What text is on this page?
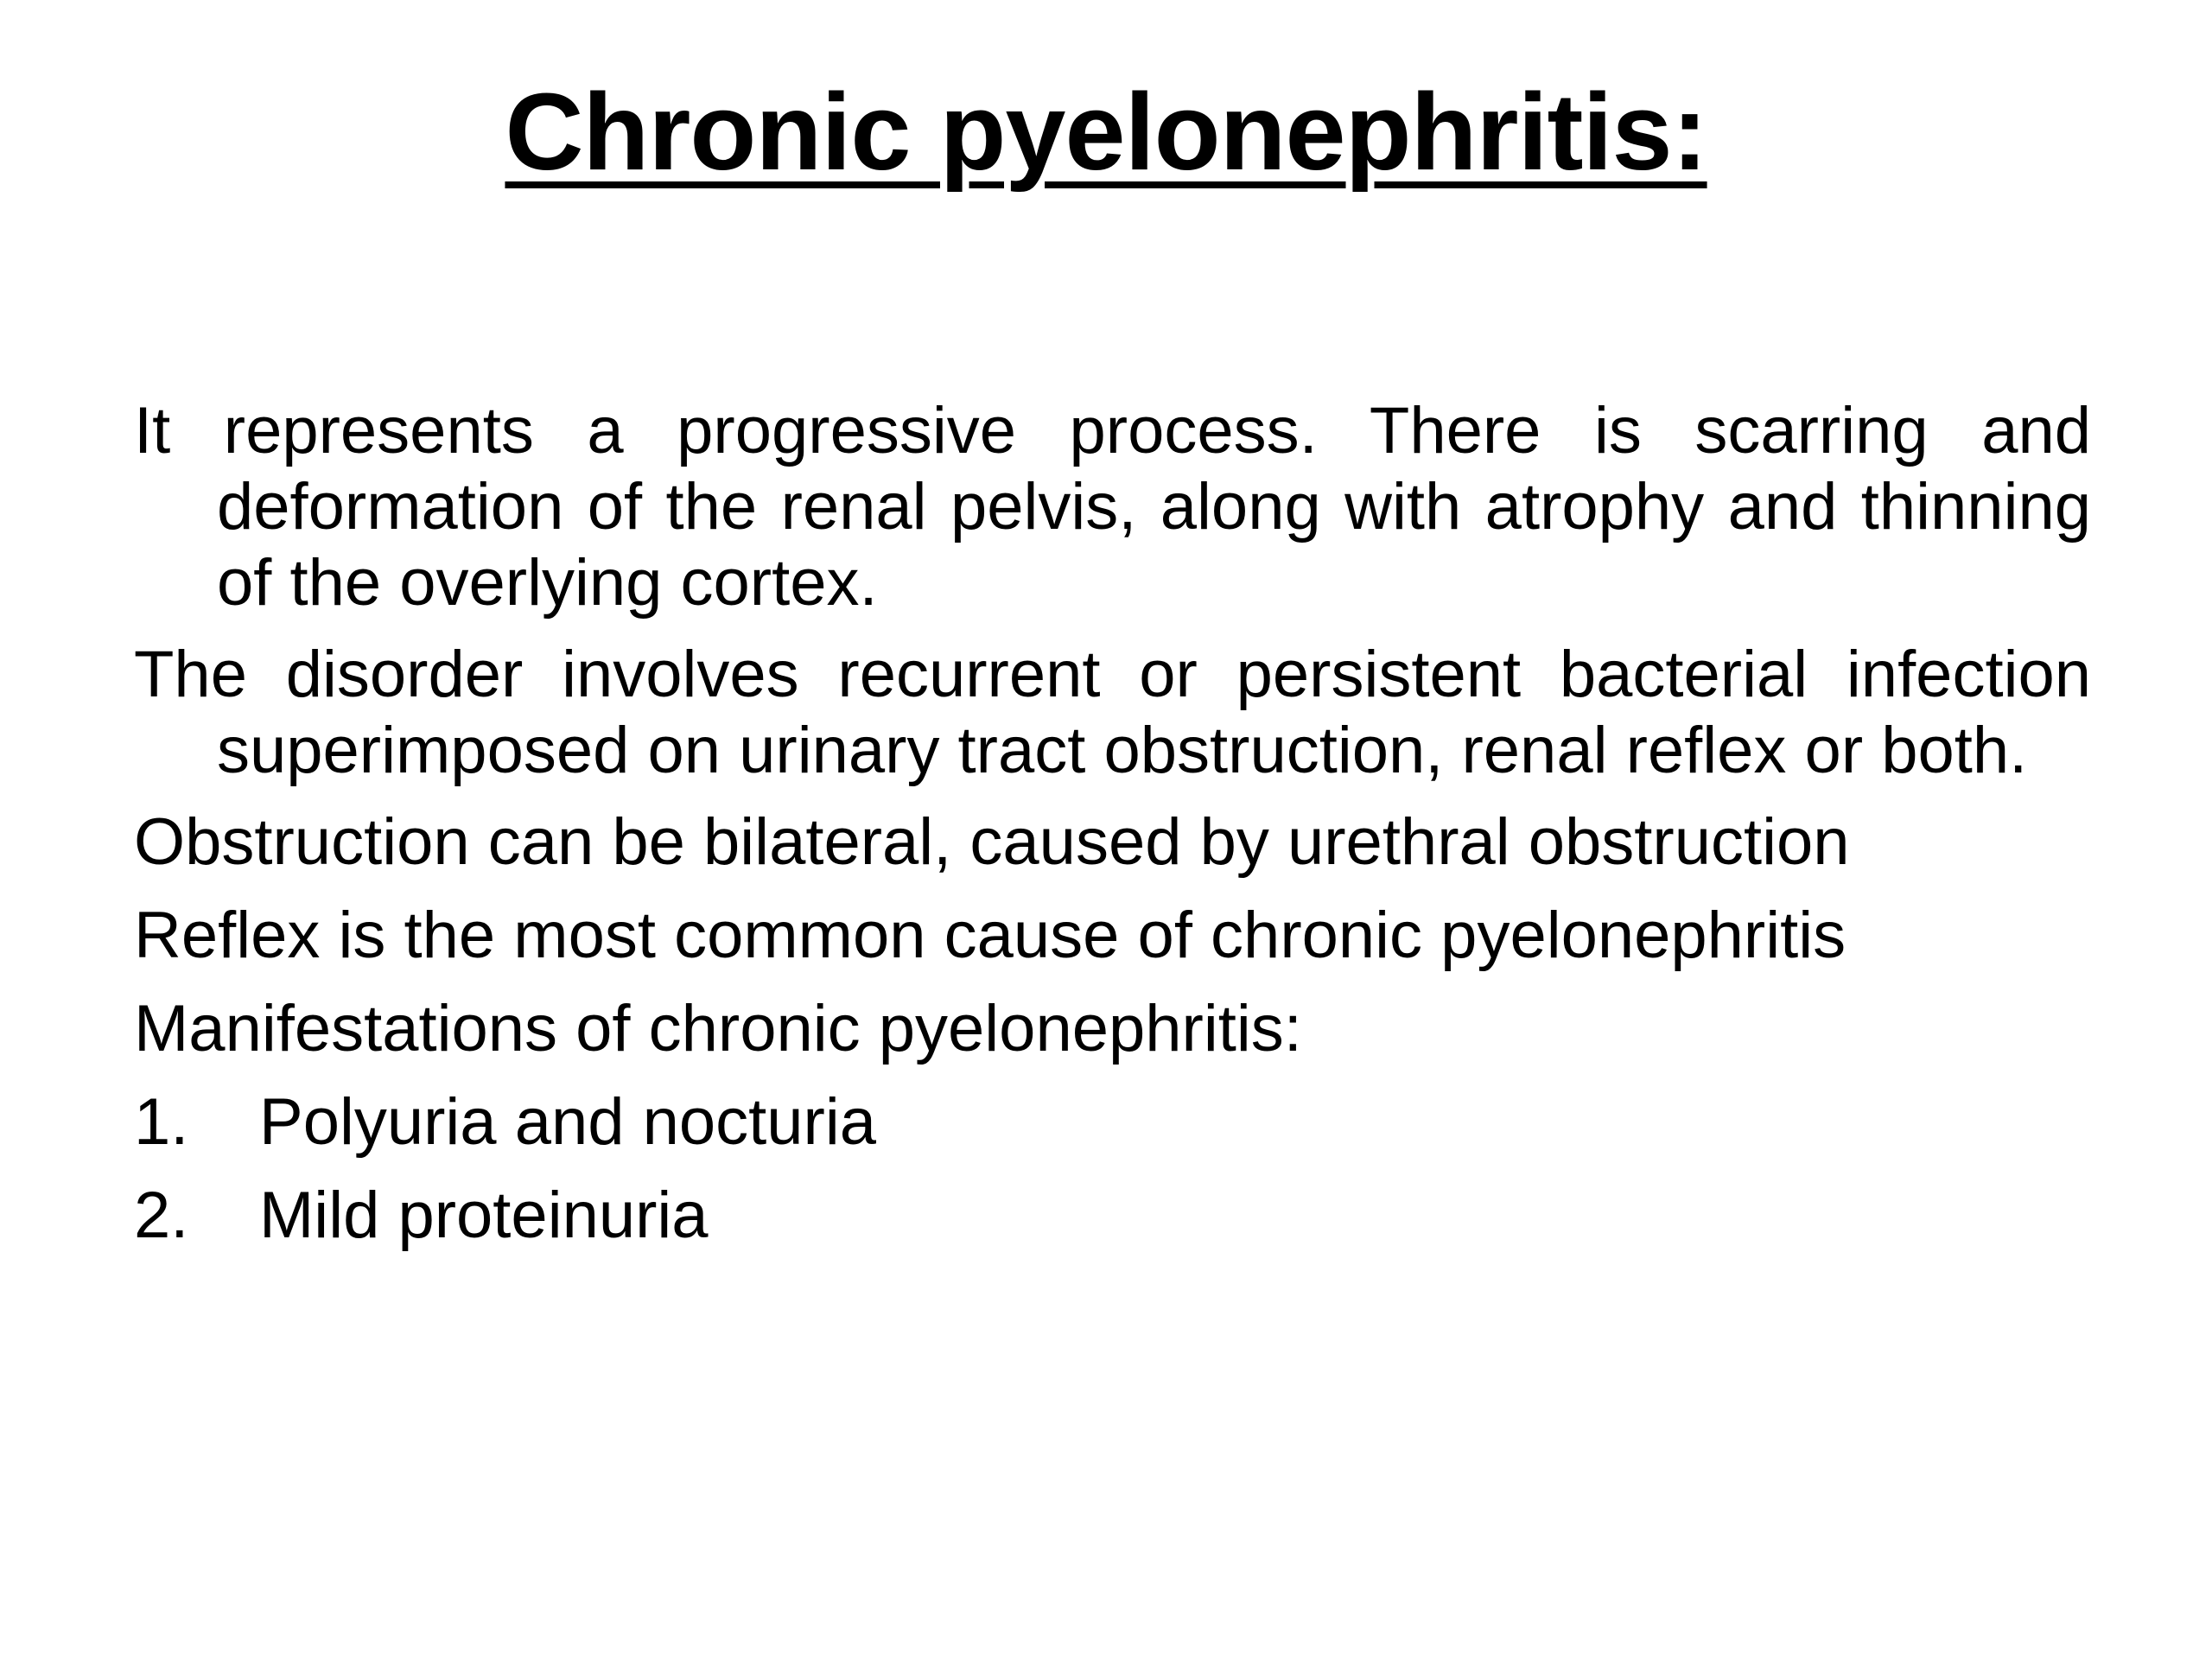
Chronic pyelonephritis:

It represents a progressive process. There is scarring and deformation of the renal pelvis, along with atrophy and thinning of the overlying cortex.

The disorder involves recurrent or persistent bacterial infection superimposed on urinary tract obstruction, renal reflex or both.

Obstruction can be bilateral, caused by urethral obstruction
Reflex is the most common cause of chronic pyelonephritis
Manifestations of chronic pyelonephritis:
1.	Polyuria and nocturia
2.	Mild proteinuria
